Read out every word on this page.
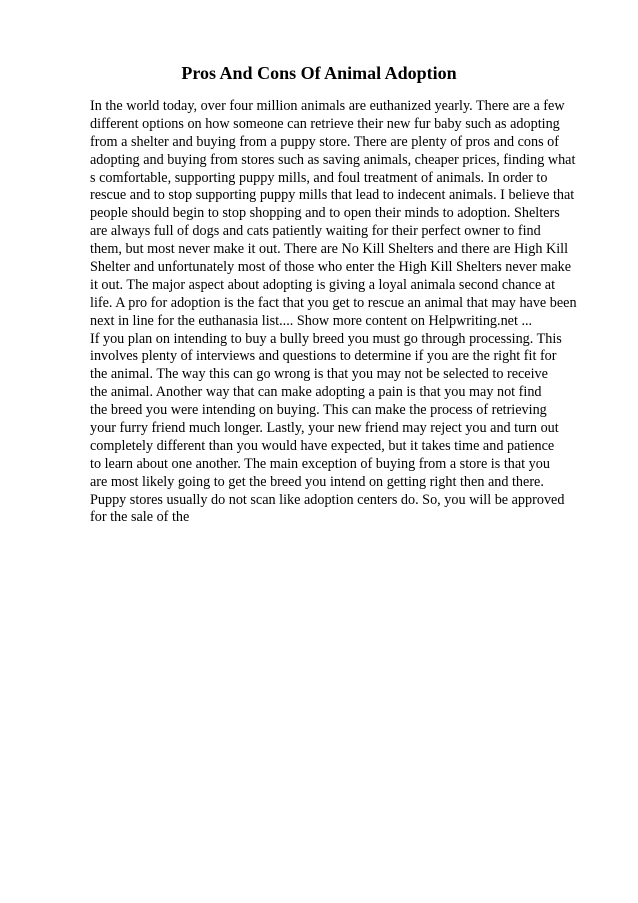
Pros And Cons Of Animal Adoption
In the world today, over four million animals are euthanized yearly. There are a few
different options on how someone can retrieve their new fur baby such as adopting
from a shelter and buying from a puppy store. There are plenty of pros and cons of
adopting and buying from stores such as saving animals, cheaper prices, finding what
s comfortable, supporting puppy mills, and foul treatment of animals. In order to
rescue and to stop supporting puppy mills that lead to indecent animals. I believe that
people should begin to stop shopping and to open their minds to adoption. Shelters
are always full of dogs and cats patiently waiting for their perfect owner to find
them, but most never make it out. There are No Kill Shelters and there are High Kill
Shelter and unfortunately most of those who enter the High Kill Shelters never make
it out. The major aspect about adopting is giving a loyal animala second chance at
life. A pro for adoption is the fact that you get to rescue an animal that may have been
next in line for the euthanasia list.... Show more content on Helpwriting.net ...
If you plan on intending to buy a bully breed you must go through processing. This
involves plenty of interviews and questions to determine if you are the right fit for
the animal. The way this can go wrong is that you may not be selected to receive
the animal. Another way that can make adopting a pain is that you may not find
the breed you were intending on buying. This can make the process of retrieving
your furry friend much longer. Lastly, your new friend may reject you and turn out
completely different than you would have expected, but it takes time and patience
to learn about one another. The main exception of buying from a store is that you
are most likely going to get the breed you intend on getting right then and there.
Puppy stores usually do not scan like adoption centers do. So, you will be approved
for the sale of the
